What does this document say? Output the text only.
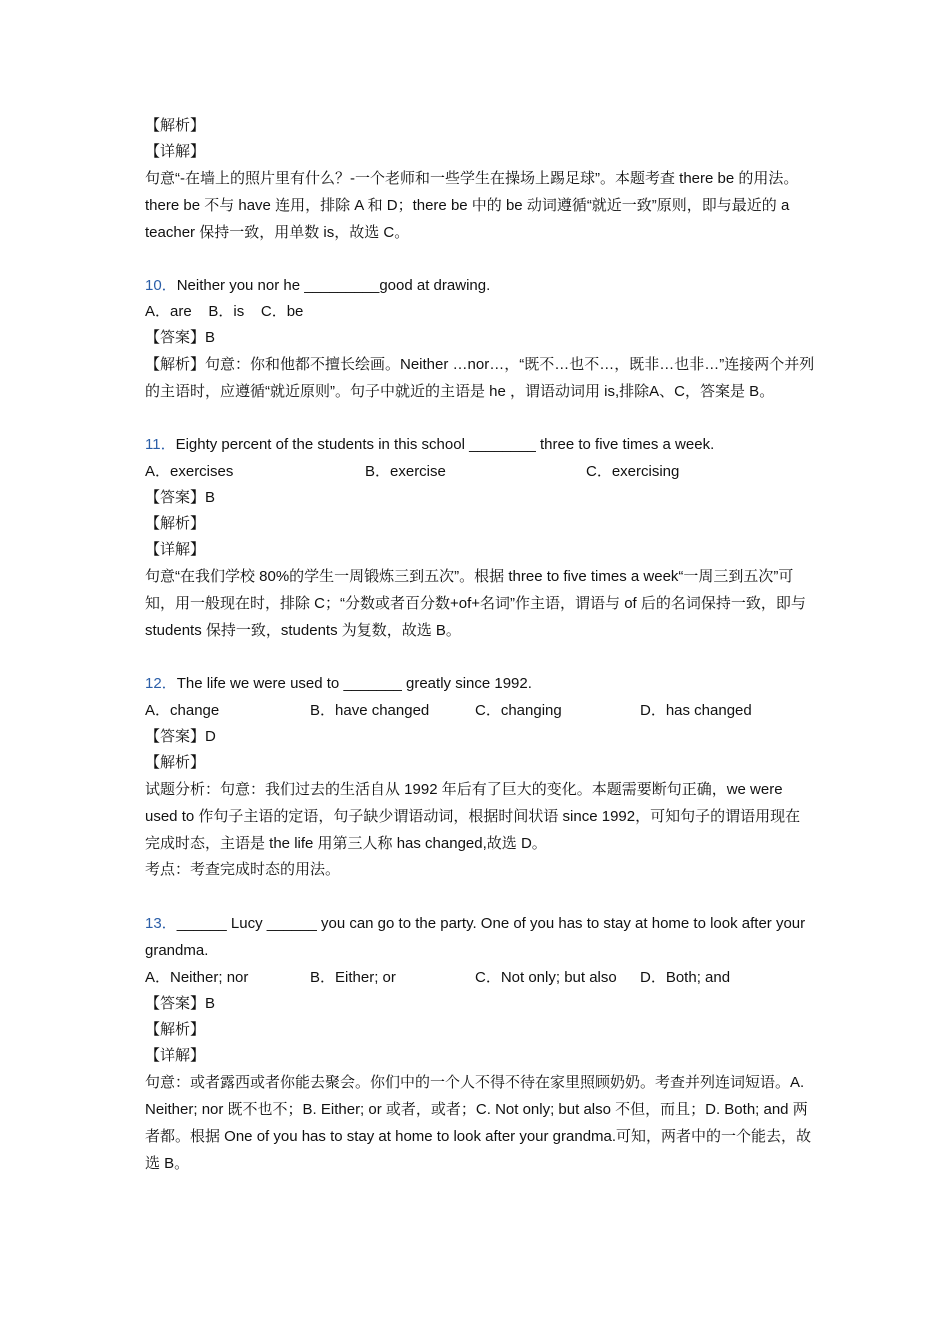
【解析】
【详解】
句意“-在墙上的照片里有什么？-一个老师和一些学生在操场上踢足球”。本题考查 there be 的用法。there be 不与 have 连用，排除 A 和 D；there be 中的 be 动词遵循“就近一致”原则，即与最近的 a teacher 保持一致，用单数 is，故选 C。
10．Neither you nor he _________good at drawing.
A．are B．is C．be
【答案】B
【解析】句意：你和他都不擅长绘画。Neither …nor…，“既不…也不…，既非…也非…”连接两个并列的主语时，应遵循“就近原则”。句子中就近的主语是 he ，谓语动词用 is,排除A、C，答案是 B。
11．Eighty percent of the students in this school ________ three to five times a week.
A．exercises	B．exercise	C．exercising
【答案】B
【解析】
【详解】
句意“在我们学校 80%的学生一周锻炼三到五次”。根据 three to five times a week“一周三到五次”可知，用一般现在时，排除 C；“分数或者百分数+of+名词”作主语，谓语与 of 后的名词保持一致，即与 students 保持一致，students 为复数，故选 B。
12．The life we were used to _______ greatly since 1992.
A．change	B．have changed	C．changing	D．has changed
【答案】D
【解析】
试题分析：句意：我们过去的生活自从 1992 年后有了巨大的变化。本题需要断句正确，we were used to 作句子主语的定语，句子缺少谓语动词，根据时间状语 since 1992，可知句子的谓语用现在完成时态，主语是 the life 用第三人称 has changed,故选 D。
考点：考查完成时态的用法。
13．______ Lucy ______ you can go to the party. One of you has to stay at home to look after your grandma.
A．Neither; nor	B．Either; or	C．Not only; but also D．Both; and
【答案】B
【解析】
【详解】
句意：或者露西或者你能去聚会。你们中的一个人不得不待在家里照顾奶奶。考查并列连词短语。A. Neither; nor 既不也不；B. Either; or 或者，或者；C. Not only; but also 不但，而且；D. Both; and 两者都。根据 One of you has to stay at home to look after your grandma.可知，两者中的一个能去，故选 B。
